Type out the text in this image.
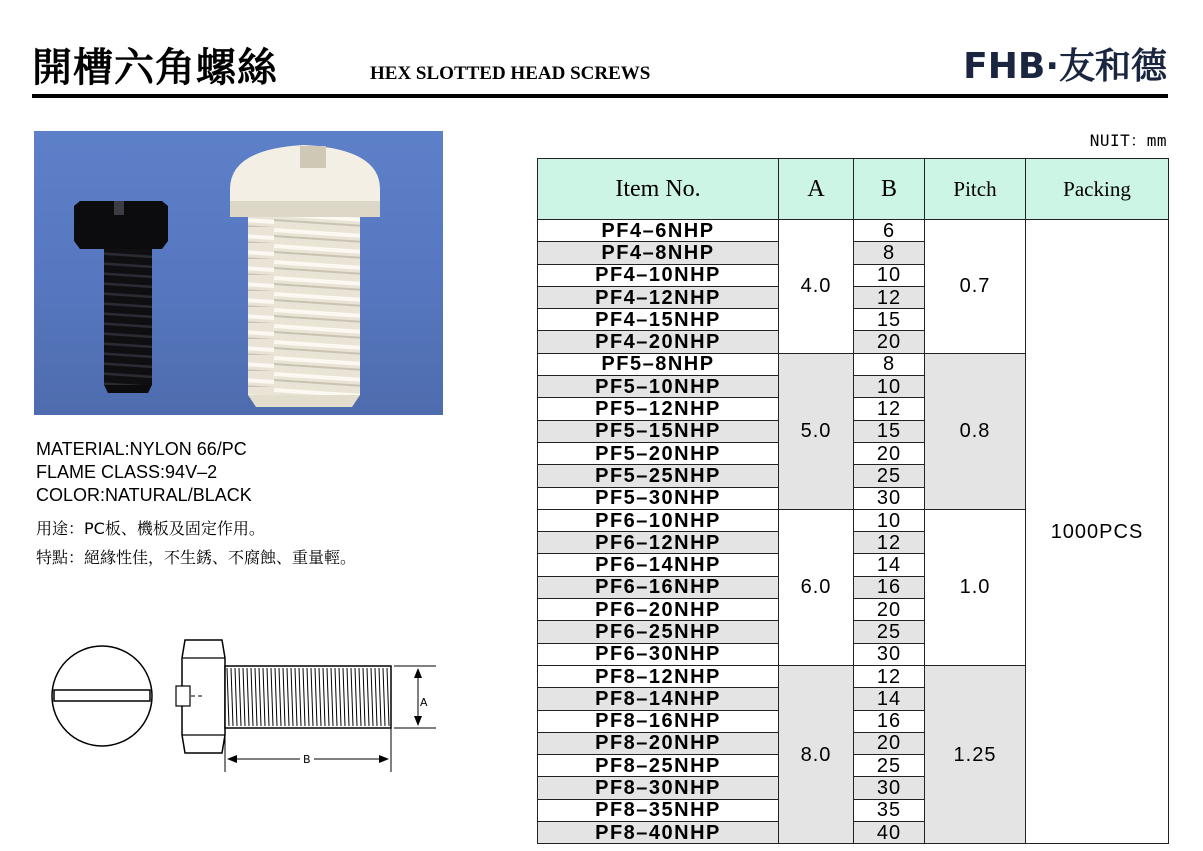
開槽六角螺絲	HEX SLOTTED HEAD SCREWS	FHB·友和德
MATERIAL:NYLON 66/PC
FLAME CLASS:94V–2
COLOR:NATURAL/BLACK
用途：PC板、機板及固定作用。
特點：絕緣性佳，不生銹、不腐蝕、重量輕。
A
B
NUIT：mm
Item No.	A	B	Pitch	Packing
PF4–6NHP	4.0	6	0.7	1000PCS
PF4–8NHP		8		
PF4–10NHP		10		
PF4–12NHP		12		
PF4–15NHP		15		
PF4–20NHP		20		
PF5–8NHP	5.0	8	0.8	
PF5–10NHP		10		
PF5–12NHP		12		
PF5–15NHP		15		
PF5–20NHP		20		
PF5–25NHP		25		
PF5–30NHP		30		
PF6–10NHP	6.0	10	1.0	
PF6–12NHP		12		
PF6–14NHP		14		
PF6–16NHP		16		
PF6–20NHP		20		
PF6–25NHP		25		
PF6–30NHP		30		
PF8–12NHP	8.0	12	1.25	
PF8–14NHP		14		
PF8–16NHP		16		
PF8–20NHP		20		
PF8–25NHP		25		
PF8–30NHP		30		
PF8–35NHP		35		
PF8–40NHP		40		
